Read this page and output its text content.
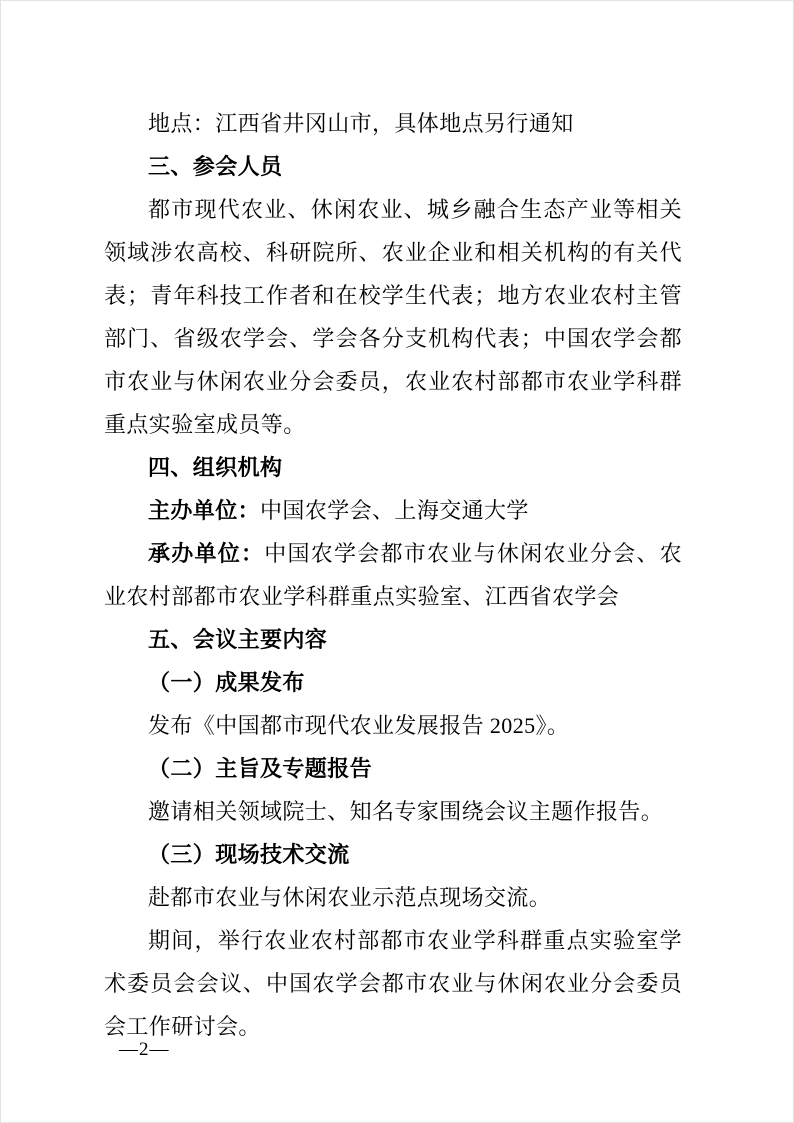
地点：江西省井冈山市，具体地点另行通知

三、参会人员

都市现代农业、休闲农业、城乡融合生态产业等相关领域涉农高校、科研院所、农业企业和相关机构的有关代表；青年科技工作者和在校学生代表；地方农业农村主管部门、省级农学会、学会各分支机构代表；中国农学会都市农业与休闲农业分会委员，农业农村部都市农业学科群重点实验室成员等。

四、组织机构

主办单位：中国农学会、上海交通大学

承办单位：中国农学会都市农业与休闲农业分会、农业农村部都市农业学科群重点实验室、江西省农学会

五、会议主要内容

（一）成果发布

发布《中国都市现代农业发展报告 2025》。

（二）主旨及专题报告

邀请相关领域院士、知名专家围绕会议主题作报告。

（三）现场技术交流

赴都市农业与休闲农业示范点现场交流。

期间，举行农业农村部都市农业学科群重点实验室学术委员会会议、中国农学会都市农业与休闲农业分会委员会工作研讨会。

—2—
